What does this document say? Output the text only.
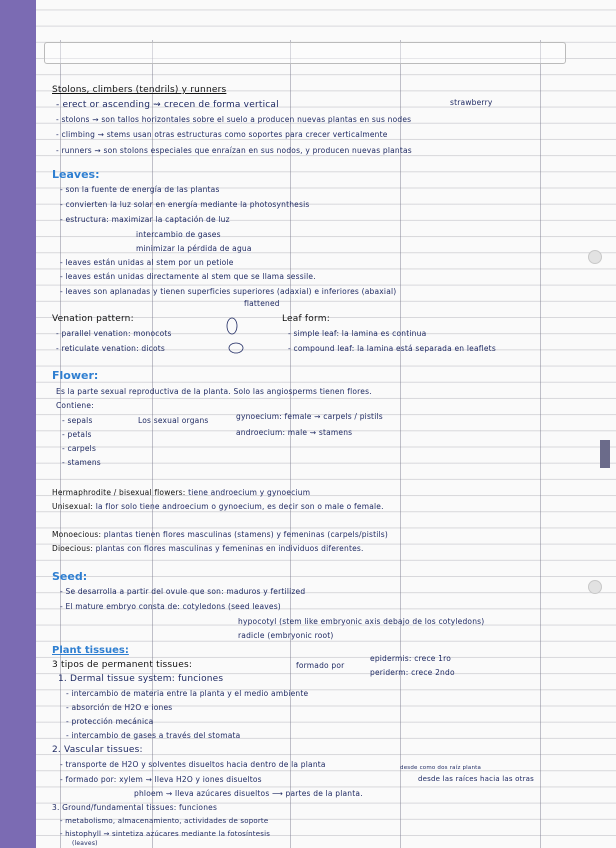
Stolons, climbers (tendrils) y runners
- erect or ascending ⇝ crecen de forma vertical	strawberry
- stolons ⇝ son tallos horizontales sobre el suelo a producen nuevas plantas en sus nodes
- climbing ⇝ stems usan otras estructuras como soportes para crecer verticalmente
- runners ⇝ son stolons especiales que enraízan en sus nodos, y producen nuevas plantas
Leaves:
- son la fuente de energía de las plantas
- convierten la luz solar en energía mediante la photosynthesis
- estructura: maximizar la captación de luz
intercambio de gases
minimizar la pérdida de agua
- leaves están unidas al stem por un petiole
- leaves están unidas directamente al stem que se llama sessile.
- leaves son aplanadas y tienen superficies superiores (adaxial) e inferiores (abaxial)
flattened
Venation pattern:
- parallel venation: monocots
- reticulate venation: dicots
Leaf form:
- simple leaf: la lamina es continua
- compound leaf: la lamina está separada en leaflets
Flower:
Es la parte sexual reproductiva de la planta. Solo las angiosperms tienen flores.
Contiene:
- sepals
- petals
- carpels
- stamens
Los sexual organs	gynoecium: female ⇝ carpels / pistils
androecium: male ⇝ stamens
Hermaphrodite / bisexual flowers: tiene androecium y gynoecium
Unisexual: la flor solo tiene androecium o gynoecium, es decir son o male o female.
Monoecious: plantas tienen flores masculinas (stamens) y femeninas (carpels/pistils)
Dioecious: plantas con flores masculinas y femeninas en individuos diferentes.
Seed:
- Se desarrolla a partir del ovule que son: maduros y fertilized
- El mature embryo consta de: cotyledons (seed leaves)
hypocotyl (stem like embryonic axis debajo de los cotyledons)
radicle (embryonic root)
Plant tissues:
3 tipos de permanent tissues:	formado por
epidermis: crece 1ro
periderm: crece 2ndo
1. Dermal tissue system: funciones
- intercambio de materia entre la planta y el medio ambiente
- absorción de H2O e iones
- protección mecánica
- intercambio de gases a través del stomata
2. Vascular tissues:
- transporte de H2O y solventes disueltos hacia dentro de la planta
- formado por: xylem ⇝ lleva H2O y iones disueltos	desde las raíces hacia las otras
desde como dos raíz planta
phloem ⇝ lleva azúcares disueltos ⟶ partes de la planta.
3. Ground/fundamental tissues: funciones
- metabolismo, almacenamiento, actividades de soporte
- histophyll ⇝ sintetiza azúcares mediante la fotosíntesis
(leaves)
